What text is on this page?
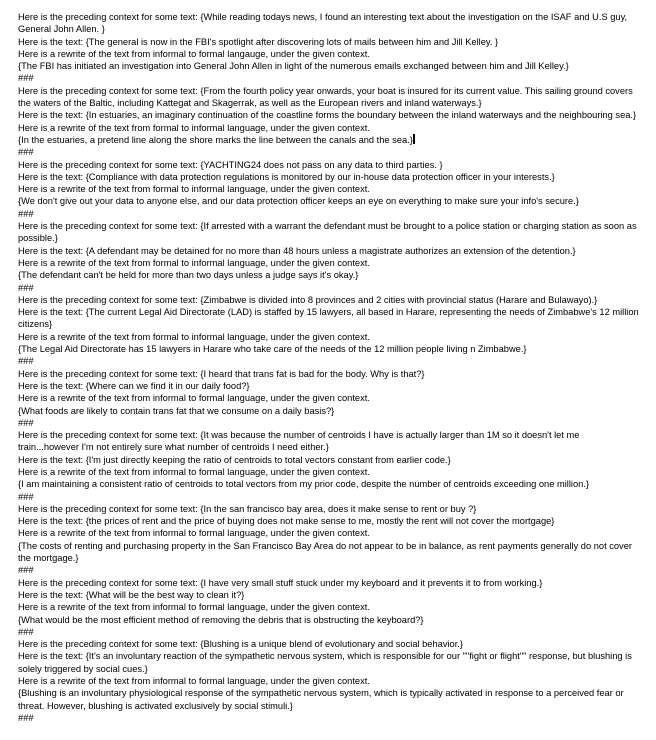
Here is the preceding context for some text: {While reading todays news, I found an interesting text about the investigation on the ISAF and U.S guy, General John Allen. }
Here is the text: {The general is now in the FBI's spotlight after discovering lots of mails between him and Jill Kelley. }
Here is a rewrite of the text from informal to formal langauge, under the given context.
{The FBI has initiated an investigation into General John Allen in light of the numerous emails exchanged between him and Jill Kelley.}
###
Here is the preceding context for some text: {From the fourth policy year onwards, your boat is insured for its current value. This sailing ground covers the waters of the Baltic, including Kattegat and Skagerrak, as well as the European rivers and inland waterways.}
Here is the text: {In estuaries, an imaginary continuation of the coastline forms the boundary between the inland waterways and the neighbouring sea.}
Here is a rewrite of the text from formal to informal language, under the given context.
{In the estuaries, a pretend line along the shore marks the line between the canals and the sea.}
###
Here is the preceding context for some text: {YACHTING24 does not pass on any data to third parties. }
Here is the text: {Compliance with data protection regulations is monitored by our in-house data protection officer in your interests.}
Here is a rewrite of the text from formal to informal language, under the given context.
{We don't give out your data to anyone else, and our data protection officer keeps an eye on everything to make sure your info's secure.}
###
Here is the preceding context for some text: {If arrested with a warrant the defendant must be brought to a police station or charging station as soon as possible.}
Here is the text: {A defendant may be detained for no more than 48 hours unless a magistrate authorizes an extension of the detention.}
Here is a rewrite of the text from formal to informal language, under the given context.
{The defendant can't be held for more than two days unless a judge says it's okay.}
###
Here is the preceding context for some text: {Zimbabwe is divided into 8 provinces and 2 cities with provincial status (Harare and Bulawayo).}
Here is the text: {The current Legal Aid Directorate (LAD) is staffed by 15 lawyers, all based in Harare, representing the needs of Zimbabwe's 12 million citizens}
Here is a rewrite of the text from formal to informal language, under the given context.
{The Legal Aid Directorate has 15 lawyers in Harare who take care of the needs of the 12 million people living n Zimbabwe.}
###
Here is the preceding context for some text: {I heard that trans fat is bad for the body. Why is that?}
Here is the text: {Where can we find it in our daily food?}
Here is a rewrite of the text from informal to formal language, under the given context.
{What foods are likely to contain trans fat that we consume on a daily basis?}
###
Here is the preceding context for some text: {It was because the number of centroids I have is actually larger than 1M so it doesn't let me train...however I'm not entirely sure what number of centroids I need either.}
Here is the text: {I'm just directly keeping the ratio of centroids to total vectors constant from earlier code.}
Here is a rewrite of the text from informal to formal language, under the given context.
{I am maintaining a consistent ratio of centroids to total vectors from my prior code, despite the number of centroids exceeding one million.}
###
Here is the preceding context for some text: {In the san francisco bay area, does it make sense to rent or buy ?}
Here is the text: {the prices of rent and the price of buying does not make sense to me, mostly the rent will not cover the mortgage}
Here is a rewrite of the text from informal to formal language, under the given context.
{The costs of renting and purchasing property in the San Francisco Bay Area do not appear to be in balance, as rent payments generally do not cover the mortgage.}
###
Here is the preceding context for some text: {I have very small stuff stuck under my keyboard and it prevents it to from working.}
Here is the text: {What will be the best way to clean it?}
Here is a rewrite of the text from informal to formal language, under the given context.
{What would be the most efficient method of removing the debris that is obstructing the keyboard?}
###
Here is the preceding context for some text: {Blushing is a unique blend of evolutionary and social behavior.}
Here is the text: {It's an involuntary reaction of the sympathetic nervous system, which is responsible for our ""fight or flight"" response, but blushing is solely triggered by social cues.}
Here is a rewrite of the text from informal to formal language, under the given context.
{Blushing is an involuntary physiological response of the sympathetic nervous system, which is typically activated in response to a perceived fear or threat. However, blushing is activated exclusively by social stimuli.}
###
